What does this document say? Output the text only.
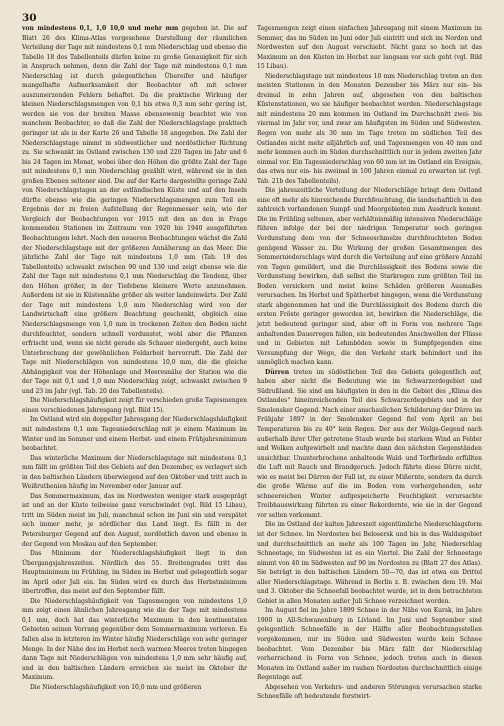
30

von mindestens 0,1, 1,0 10,0 und mehr mm gegeben ist. Die auf Blatt 26 des Klima-Atlas vorgesehene Darstellung der räumlichen Verteilung der Tage mit mindestens 0,1 mm Niederschlag und ebenso die Tabelle 18 des Tabellenteils dürfen keine zu große Genauigkeit für sich in Anspruch nehmen, denn die Zahl der Tage mit mindestens 0,1 mm Niederschlag ist durch gelegentlichen Übereifer und häufiger mangelhafte Aufmerksamkeit der Beobachter oft mit schwer auszumerzenden Fehlern behaftet. Da die praktische Wirkung der kleinen Niederschlagsmengen von 0,1 bis etwa 0,3 mm sehr gering ist, werden sie von der breiten Masse ebensowenig beachtet wie von manchem Beobachter, so daß die Zahl der Niederschlagstage praktisch geringer ist als in der Karte 26 und Tabelle 18 angegeben. Die Zahl der Niederschlagstage nimmt in südwestlicher und nordöstlicher Richtung zu. Sie schwankt im Ostland zwischen 130 und 220 Tagen im Jahr und 6 bis 24 Tagen im Monat, wobei über den Höhen die größte Zahl der Tage mit mindestens 0,1 mm Niederschlag gezählt wird, während sie in den großen Ebenen seltener sind. Die auf der Karte dargestellte geringe Zahl von Niederschlagstagen an der estländischen Küste und auf den Inseln dürfte ebenso wie die geringen Niederschlagsmengen zum Teil ein Ergebnis der zu freien Aufstellung der Regenmesser sein, wie der Vergleich der Beobachtungen vor 1915 mit den an den in Frage kommenden Stationen im Zeitraum von 1920 bis 1940 ausgeführten Beobachtungen lehrt. Nach den neueren Beobachtungen wächst die Zahl der Niederschlagstage mit der größeren Annäherung an das Meer. Die jährliche Zahl der Tage mit mindestens 1,0 mm (Tab. 19 des Tabellenteils) schwankt zwischen 90 und 130 und zeigt ebenso wie die Zahl der Tage mit mindestens 0,1 mm Niederschlag die Tendenz, über den Höhen größer, in der Tiefebene kleinere Werte anzunehmen. Außerdem ist sie in Küstennähe größer als weiter landeinwärts. Der Zahl der Tage mit mindestens 1,0 mm Niederschlag wird von der Landwirtschaft eine größere Beachtung geschenkt, obgleich eine Niederschlagsmenge von 1,0 mm in trockenen Zeiten den Boden nicht durchfeuchtet, sondern schnell verdunstet, wohl aber die Pflanzen erfrischt und, wenn sie nicht gerade als Schauer niedergeht, auch keine Unterbrechung der gewöhnlichen Feldarbeit hervorruft. Die Zahl der Tage mit Niederschlägen von mindestens 10,0 mm, die die gleiche Abhängigkeit von der Höhenlage und Meeresnähe der Station wie die der Tage mit 0,1 und 1,0 mm Niederschlag zeigt, schwankt zwischen 9 und 23 im Jahr (vgl. Tab. 20 des Tabellenteils).

Die Niederschlagshäufigkeit zeigt für verschieden große Tagesmengen einen verschiedenen Jahresgang (vgl. Bild 15).

Im Ostland wird ein doppelter Jahresgang der Niederschlagshäufigkeit mit mindestens 0,1 mm Tagesniederschlag mit je einem Maximum im Winter und im Sommer und einem Herbst- und einem Frühjahrsminimum beobachtet.

Das winterliche Maximum der Niederschlagstage mit mindestens 0,1 mm fällt im größten Teil des Gebiets auf den Dezember, es verlagert sich in den baltischen Ländern überwiegend auf den Oktober und tritt auch in Weißruthenien häufig im November oder Januar auf.

Das Sommermaximum, das im Nordwesten weniger stark ausgeprägt ist und an der Küste teilweise ganz verschwindet (vgl. Bild 15 Libau), tritt im Süden meist im Juli, manchmal schon im Juni ein und verspätet sich immer mehr, je nördlicher das Land liegt. Es fällt in der Petersburger Gegend auf den August, nordöstlich davon und ebenso in der Gegend von Moskau auf den September.

Das Minimum der Niederschlagshäufigkeit liegt in den Übergangsjahreszeiten. Nördlich des 55. Breitengrades tritt das Hauptminimum im Frühling, im Süden im Herbst und gelegentlich sogar im April oder Juli ein. Im Süden wird es durch das Herbstminimum übertroffen, das meist auf den September fällt.

Die Niederschlagshäufigkeit von Tagesmengen von mindestens 1,0 mm zeigt einen ähnlichen Jahresgang wie die der Tage mit mindestens 0,1 mm, doch hat das winterliche Maximum in den kontinentalen Gebieten seinen Vorrang gegenüber dem Sommermaximum verloren. Es fallen also in letzteren im Winter häufig Niederschläge von sehr geringer Menge. In der Nähe des im Herbst noch warmen Meeres treten hingegen dann Tage mit Niederschlägen von mindestens 1,0 mm sehr häufig auf, und in den baltischen Ländern erreichen sie meist im Oktober ihr Maximum.

Die Niederschlagshäufigkeit von 10,0 mm und größeren

Tagesmengen zeigt einen einfachen Jahresgang mit einem Maximum im Sommer, das im Süden im Juni oder Juli eintritt und sich im Norden und Nordwesten auf den August verschiebt. Nicht ganz so hoch ist das Maximum an den Küsten im Herbst nur langsam vor sich geht (vgl. Bild 15 Libau).

Niederschlagstage mit mindestens 10 mm Niederschlag treten an den meisten Stationen in den Monaten Dezember bis März nur ein- bis dreimal in zehn Jahren auf, abgesehen von den baltischen Küstenstationen, wo sie häufiger beobachtet werden. Niederschlagstage mit mindestens 20 mm kommen im Ostland im Durchschnitt zwei- bis viermal im Jahr vor, und zwar am häufigsten im Süden und Südwesten. Regen von mehr als 30 mm im Tage treten im südlichen Teil des Ostlandes nicht mehr alljährlich auf, und Tagesmengen von 40 mm und mehr kommen auch im Süden durchschnittlich nur in jedem zweiten Jahr einmal vor. Ein Tagesniederschlag von 60 mm ist im Ostland ein Ereignis, das etwa nur ein- bis zweimal in 100 Jahren einmal zu erwarten ist (vgl. Tab. 21b des Tabellenteils).

Die jahreszeitliche Verteilung der Niederschläge bringt dem Ostland eine oft mehr als hinreichende Durchfeuchtung, die landschaftlich in den zahlreich vorhandenen Sumpf- und Moorgebieten zum Ausdruck kommt. Die im Frühling seltenen, aber verhältnismäßig intensiven Niederschläge führen infolge der bei der niedrigen Temperatur noch geringen Verdunstung dem von der Schneeschmelze durchfeuchteten Boden genügend Wasser zu. Die Wirkung der großen Gesamtmengen des Sommerniederschlags wird durch die Verteilung auf eine größere Anzahl von Tagen gemildert, und die Durchlässigkeit des Bodens sowie die Verdunstung bewirken, daß selbst die Starkregen zum größten Teil im Boden versickern und meist keine Schäden größeren Ausmaßes verursachen. Im Herbst und Spätherbst hingegen, wenn die Verdunstung stark abgenommen hat und die Durchlässigkeit des Bodens durch die ersten Fröste geringer geworden ist, bewirken die Niederschläge, die jetzt bedeutend geringer sind, aber oft in Form von mehrere Tage anhaltenden Dauerregen fallen, ein bedeutendes Anschwellen der Flüsse und in Gebieten mit Lehmböden sowie in Sumpfgegenden eine Versumpfung der Wege, die den Verkehr stark behindert und ihn unmöglich machen kann.

Dürren treten im südöstlichen Teil des Gebiets gelegentlich auf, haben aber nicht die Bedeutung wie im Schwarzerdegebiet und Südrußland. Sie sind am häufigsten in den in die Gebiet des „Klima des Ostlandes“ hineinreichenden Teil des Schwarzerdegebiets und in der Smolensker Gegend. Nach einer anschaulichen Schilderung der Dürre im Frühjahr 1897 in der Smolensker Gegend fiel vom April an bei Temperaturen bis zu 40° kein Regen. Der aus der Wolga-Gegend nach außerhalb ihrer Ufer getretene Staub wurde bei starkem Wind an Felder und Wolken aufgewirbelt und machte dann den nächsten Gegenständen unsichtbar. Ununterbrochene anhaltende Wald- und Torfbrände erfüllten die Luft mit Rauch und Brandgeruch. Jedoch führte diese Dürre nicht, wie es meist bei Dürren der Fall ist, zu einer Mißernte, sondern da durch die große Wärme auf die im Boden vom vorhergehenden, sehr schneereichen Winter aufgespeicherte Feuchtigkeit verursachte Treibhauswirkung führten zu einer Rekordernte, wie sie in der Gegend vor selten vorkommt.

Die im Ostland der kalten Jahreszeit eigentümliche Niederschlagsform ist der Schnee. Im Nordosten bei Belosersk und bis in das Waldaigebiet und durchschnittlich an mehr als 100 Tagen im Jahr, Niederschlag Schneetage, im Südwesten ist es ein Viertel. Die Zahl der Schneetage nimmt von 40 im Südwesten auf 90 im Nordosten zu (Blatt 27 des Atlas). Sie beträgt in den baltischen Ländern 50—70, das ist etwa ein Drittel aller Niederschlagstage. Während in Berlin z. B. zwischen dem 19. Mai und 3. Oktober die Schneefall beobachtet wurde, ist in dem betrachteten Gebiet in allen Monaten außer Juli Schnee verzeichnet worden.

Im August fiel im Jahre 1899 Schnee in der Nähe von Kursk, im Jahre 1900 in All-Schwanenburg in Livland. Im Juni und September sind gelegentlich Schneefälle in der Hälfte aller Beobachtungsstellen vorgekommen, nur im Süden und Südwesten wurde kein Schnee beobachtet. Vom Dezember bis März fällt der Niederschlag vorherrschend in Form von Schnee, jedoch treten auch in diesen Monaten im Ostland außer im rauhen Nordosten durchschnittlich einige Regentage auf.

Abgesehen von Verkehrs- und anderen Störungen verursachen starke Schneefälle oft bedeutende forstwirt-
